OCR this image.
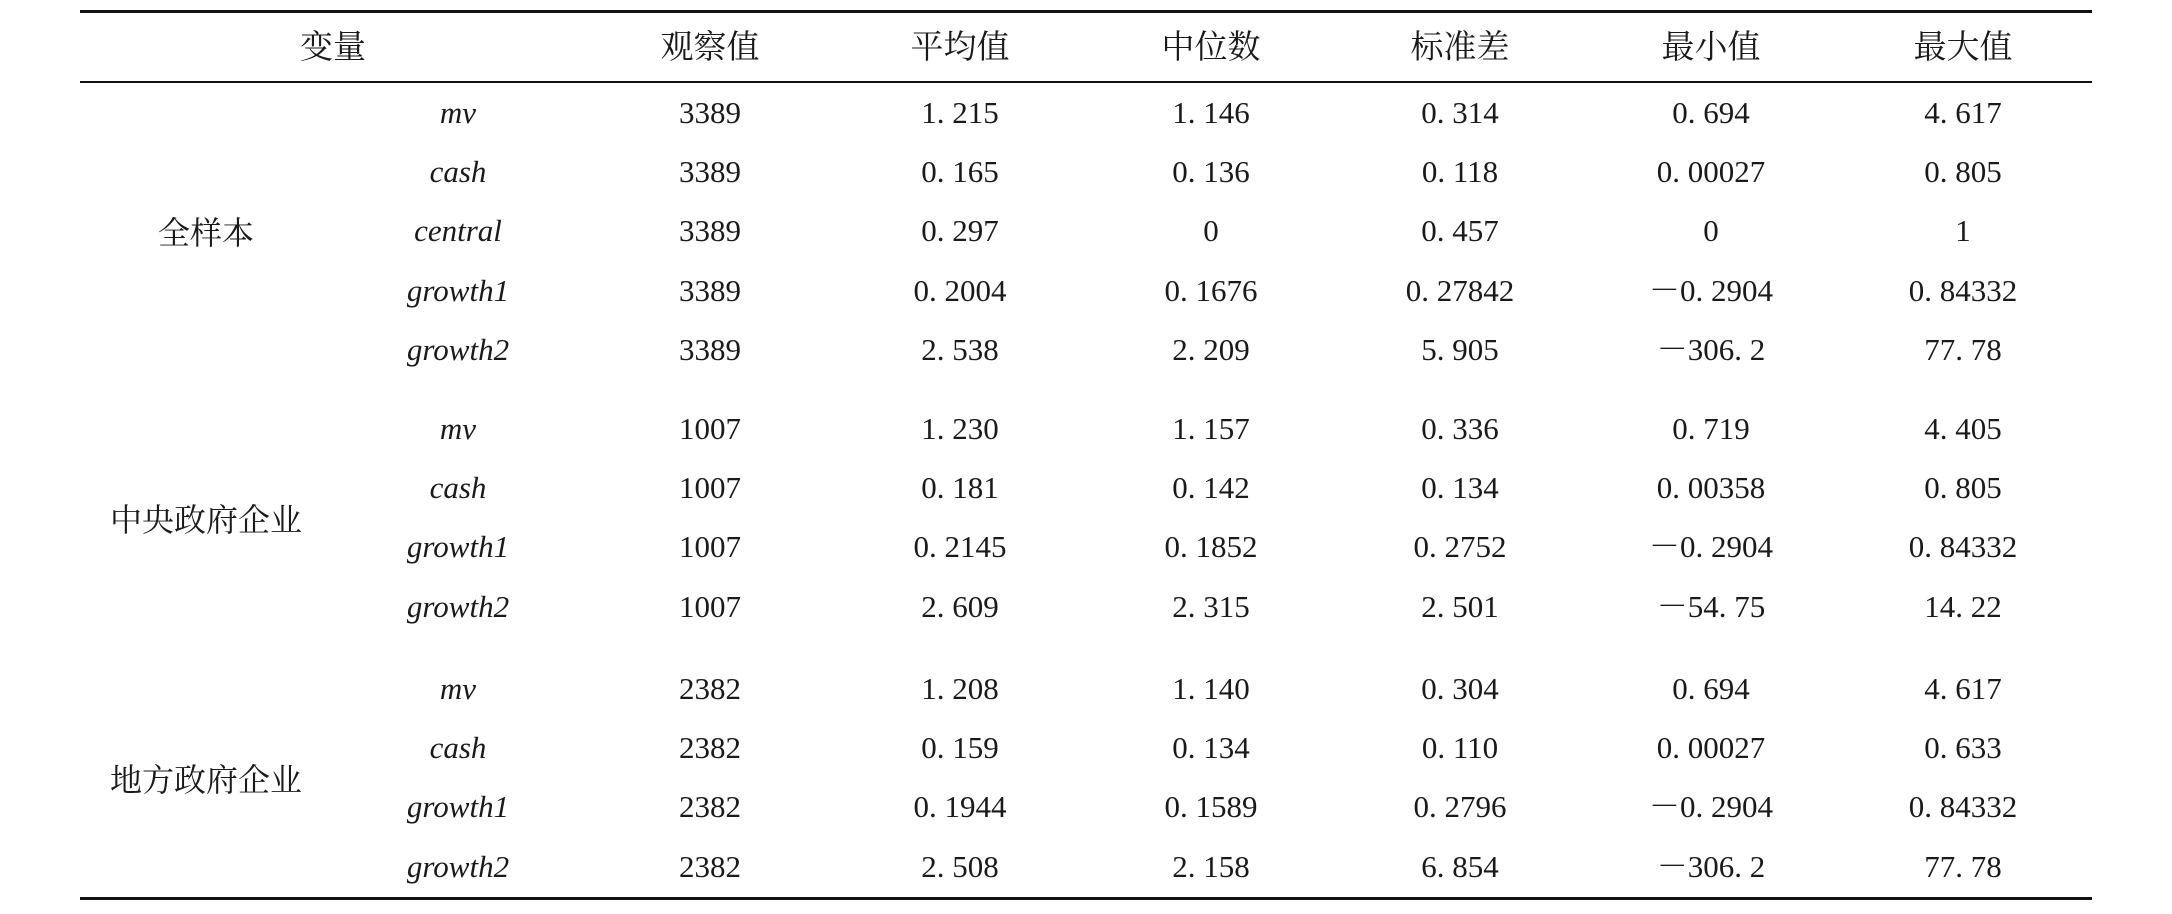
变量	观察值	平均值	中位数	标准差	最小值	最大值
全样本
mv	3389	1. 215	1. 146	0. 314	0. 694	4. 617
cash	3389	0. 165	0. 136	0. 118	0. 00027	0. 805
central	3389	0. 297	0	0. 457	0	1
growth1	3389	0. 2004	0. 1676	0. 27842	－0. 2904	0. 84332
growth2	3389	2. 538	2. 209	5. 905	－306. 2	77. 78
中央政府企业
mv	1007	1. 230	1. 157	0. 336	0. 719	4. 405
cash	1007	0. 181	0. 142	0. 134	0. 00358	0. 805
growth1	1007	0. 2145	0. 1852	0. 2752	－0. 2904	0. 84332
growth2	1007	2. 609	2. 315	2. 501	－54. 75	14. 22
地方政府企业
mv	2382	1. 208	1. 140	0. 304	0. 694	4. 617
cash	2382	0. 159	0. 134	0. 110	0. 00027	0. 633
growth1	2382	0. 1944	0. 1589	0. 2796	－0. 2904	0. 84332
growth2	2382	2. 508	2. 158	6. 854	－306. 2	77. 78
